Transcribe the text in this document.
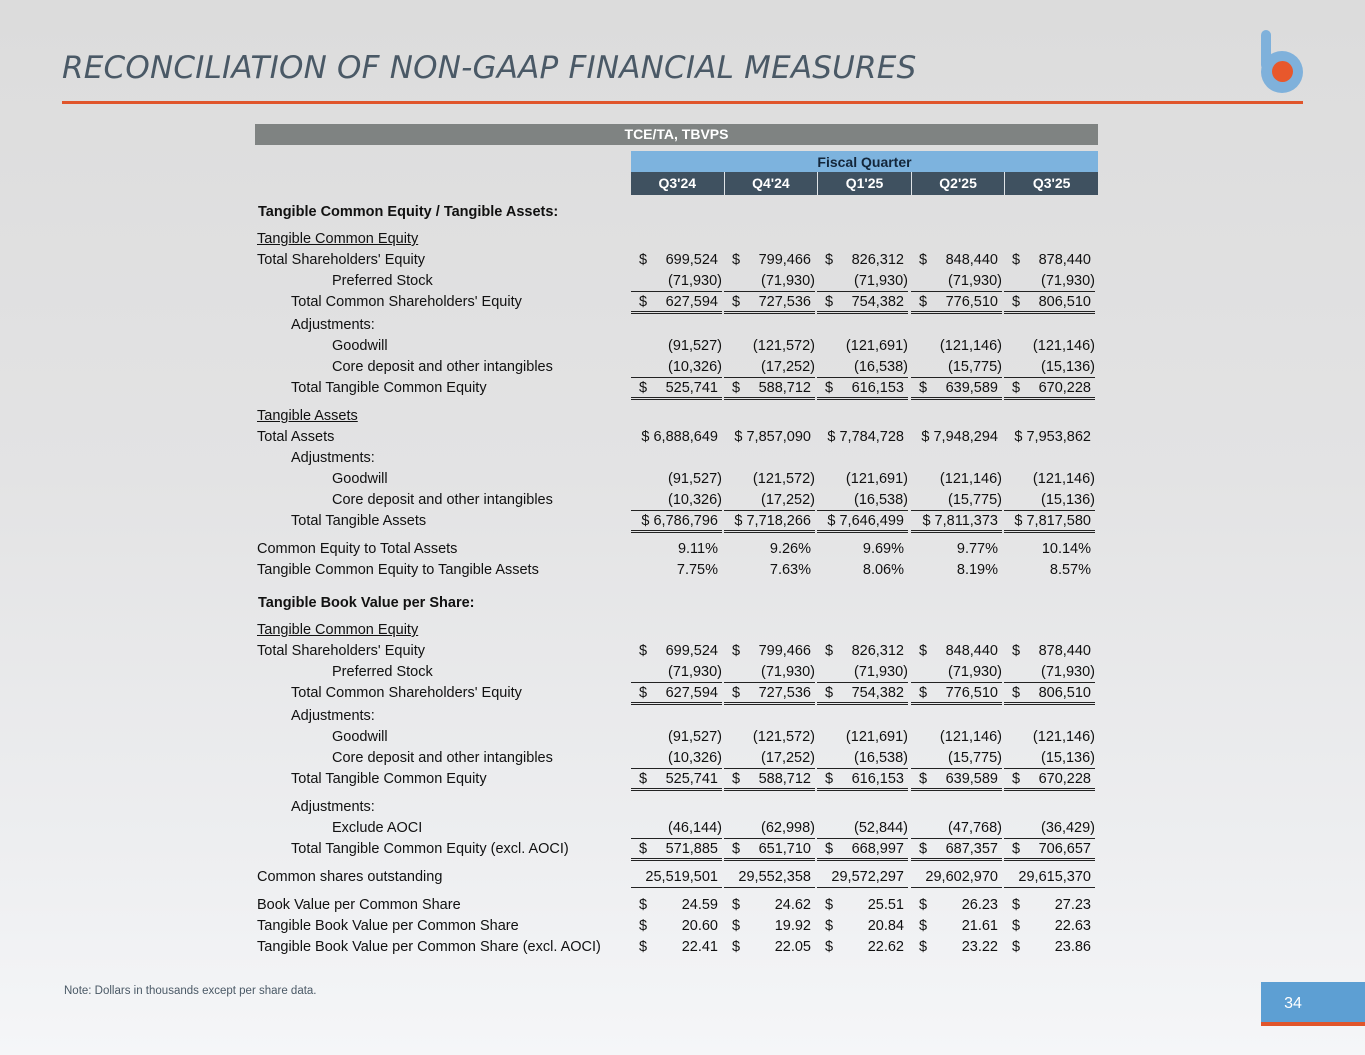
RECONCILIATION OF NON-GAAP FINANCIAL MEASURES
TCE/TA, TBVPS
Fiscal Quarter
Q3'24	Q4'24	Q1'25	Q2'25	Q3'25
Tangible Common Equity / Tangible Assets:
Tangible Common Equity
Total Shareholders' Equity	$ 699,524 $ 799,466 $ 826,312 $ 848,440 $ 878,440
Preferred Stock	(71,930)	(71,930)	(71,930)	(71,930)	(71,930)
Total Common Shareholders' Equity	$ 627,594 $ 727,536 $ 754,382 $ 776,510 $ 806,510
Adjustments:
Goodwill	(91,527) (121,572) (121,691) (121,146) (121,146)
Core deposit and other intangibles	(10,326)	(17,252)	(16,538)	(15,775)	(15,136)
Total Tangible Common Equity	$ 525,741 $ 588,712 $ 616,153 $ 639,589 $ 670,228
Tangible Assets
Total Assets	$ 6,888,649 $ 7,857,090 $ 7,784,728 $ 7,948,294 $ 7,953,862
Adjustments:
Goodwill	(91,527) (121,572) (121,691) (121,146) (121,146)
Core deposit and other intangibles	(10,326)	(17,252)	(16,538)	(15,775)	(15,136)
Total Tangible Assets	$ 6,786,796 $ 7,718,266 $ 7,646,499 $ 7,811,373 $ 7,817,580
Common Equity to Total Assets	9.11%	9.26%	9.69%	9.77%	10.14%
Tangible Common Equity to Tangible Assets	7.75%	7.63%	8.06%	8.19%	8.57%
Tangible Book Value per Share:
Tangible Common Equity
Total Shareholders' Equity	$ 699,524 $ 799,466 $ 826,312 $ 848,440 $ 878,440
Preferred Stock	(71,930)	(71,930)	(71,930)	(71,930)	(71,930)
Total Common Shareholders' Equity	$ 627,594 $ 727,536 $ 754,382 $ 776,510 $ 806,510
Adjustments:
Goodwill	(91,527) (121,572) (121,691) (121,146) (121,146)
Core deposit and other intangibles	(10,326)	(17,252)	(16,538)	(15,775)	(15,136)
Total Tangible Common Equity	$ 525,741 $ 588,712 $ 616,153 $ 639,589 $ 670,228
Adjustments:
Exclude AOCI	(46,144)	(62,998)	(52,844)	(47,768)	(36,429)
Total Tangible Common Equity (excl. AOCI)	$ 571,885 $ 651,710 $ 668,997 $ 687,357 $ 706,657
Common shares outstanding	25,519,501 29,552,358 29,572,297 29,602,970 29,615,370
Book Value per Common Share	$ 24.59 $ 24.62 $ 25.51 $ 26.23 $ 27.23
Tangible Book Value per Common Share	$ 20.60 $ 19.92 $ 20.84 $ 21.61 $ 22.63
Tangible Book Value per Common Share (excl. AOCI)	$ 22.41 $ 22.05 $ 22.62 $ 23.22 $ 23.86
Note: Dollars in thousands except per share data.
34
